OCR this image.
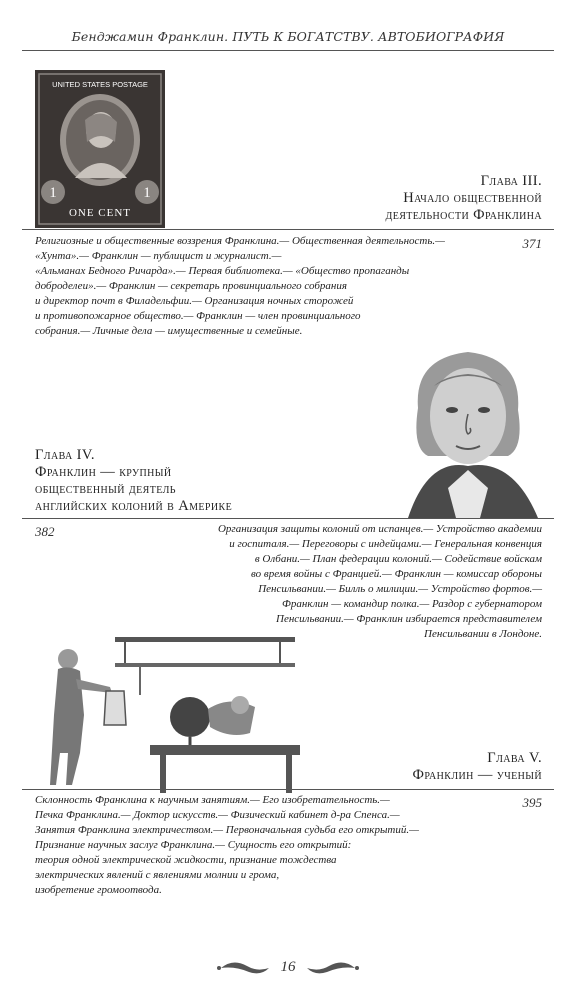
Бенджамин Франклин. ПУТЬ К БОГАТСТВУ. АВТОБИОГРАФИЯ
1	1
UNITED STATES POSTAGE
ONE CENT
Глава III.
Начало общественной
деятельности Франклина
371
Религиозные и общественные воззрения Франклина.— Общественная деятельность.—
«Хунта».— Франклин — публицист и журналист.—
«Альманах Бедного Ричарда».— Первая библиотека.— «Общество пропаганды
доброделеи».— Франклин — секретарь провинциального собрания
и директор почт в Филадельфии.— Организация ночных сторожей
и противопожарное общество.— Франклин — член провинциального
собрания.— Личные дела — имущественные и семейные.
Глава IV.
Франклин — крупный
общественный деятель
английских колоний в Америке
382	Организация защиты колоний от испанцев.— Устройство академии
и госпиталя.— Переговоры с индейцами.— Генеральная конвенция
в Олбани.— План федерации колоний.— Содействие войскам
во время войны с Францией.— Франклин — комиссар обороны
Пенсильвании.— Билль о милиции.— Устройство фортов.—
Франклин — командир полка.— Раздор с губернатором
Пенсильвании.— Франклин избирается представителем
Пенсильвании в Лондоне.
Глава V.
Франклин — ученый
395
Склонность Франклина к научным занятиям.— Его изобретательность.—
Печка Франклина.— Доктор искусств.— Физический кабинет д-ра Спенса.—
Занятия Франклина электричеством.— Первоначальная судьба его открытий.—
Признание научных заслуг Франклина.— Сущность его открытий:
теория одной электрической жидкости, признание тождества
электрических явлений с явлениями молнии и грома,
изобретение громоотвода.
16
